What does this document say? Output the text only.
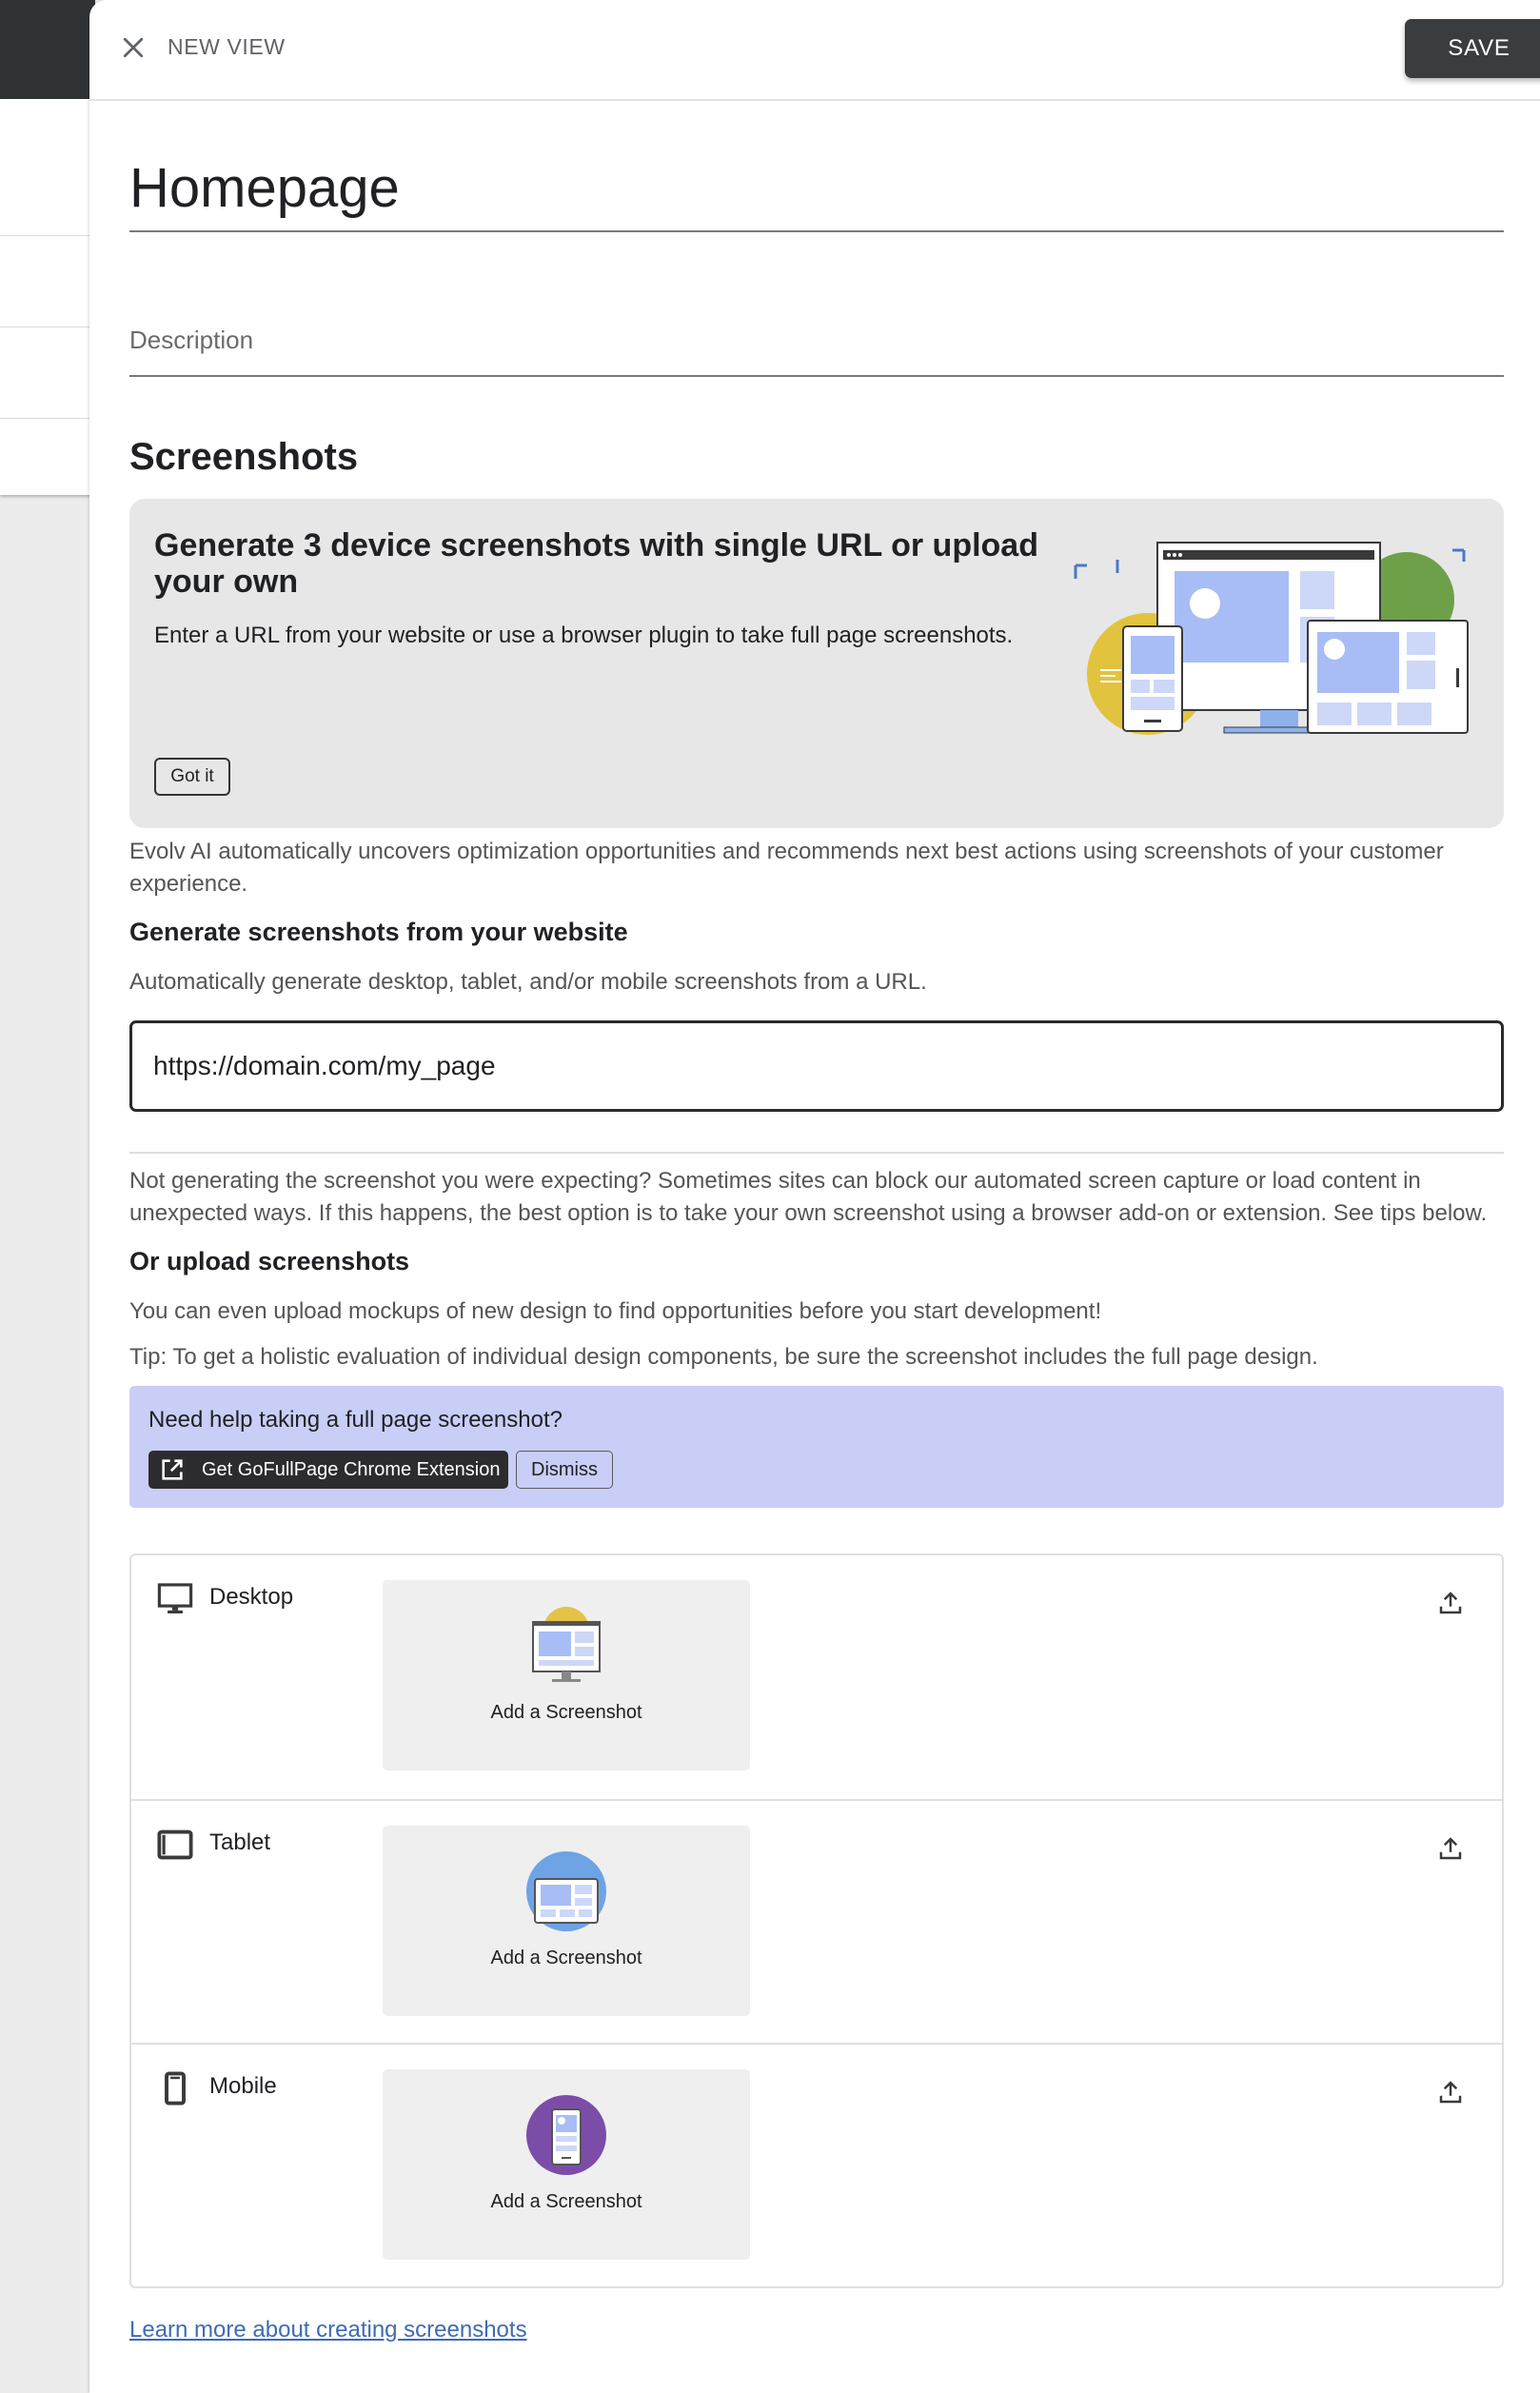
NEW VIEW	SAVE
Homepage
Description
Screenshots
Generate 3 device screenshots with single URL or upload your own
Enter a URL from your website or use a browser plugin to take full page screenshots.
Got it
Evolv AI automatically uncovers optimization opportunities and recommends next best actions using screenshots of your customer experience.
Generate screenshots from your website
Automatically generate desktop, tablet, and/or mobile screenshots from a URL.
https://domain.com/my_page
Not generating the screenshot you were expecting? Sometimes sites can block our automated screen capture or load content in unexpected ways. If this happens, the best option is to take your own screenshot using a browser add-on or extension. See tips below.
Or upload screenshots
You can even upload mockups of new design to find opportunities before you start development!
Tip: To get a holistic evaluation of individual design components, be sure the screenshot includes the full page design.
Need help taking a full page screenshot?
Get GoFullPage Chrome Extension	Dismiss
Desktop
Add a Screenshot
Tablet
Add a Screenshot
Mobile
Add a Screenshot
Learn more about creating screenshots
